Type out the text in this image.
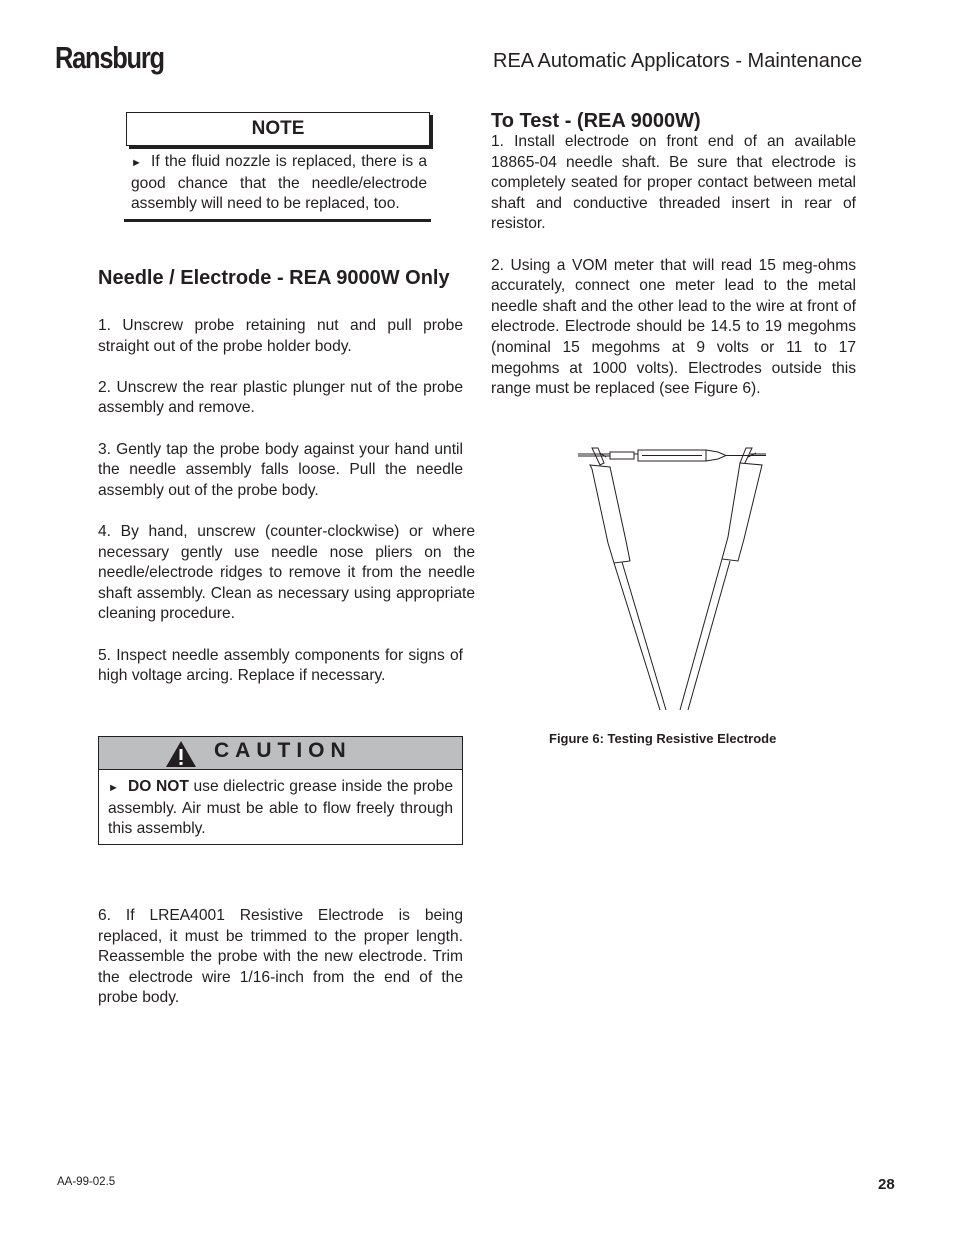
Ransburg	REA Automatic Applicators - Maintenance
NOTE
► If the fluid nozzle is replaced, there is a good chance that the needle/electrode assembly will need to be replaced, too.
Needle / Electrode - REA 9000W Only

1. Unscrew probe retaining nut and pull probe straight out of the probe holder body.

2. Unscrew the rear plastic plunger nut of the probe assembly and remove.

3. Gently tap the probe body against your hand until the needle assembly falls loose. Pull the needle assembly out of the probe body.

4. By hand, unscrew (counter-clockwise) or where necessary gently use needle nose pliers on the needle/electrode ridges to remove it from the needle shaft assembly. Clean as necessary using appropriate cleaning procedure.

5. Inspect needle assembly components for signs of high voltage arcing. Replace if necessary.

CAUTION
► DO NOT use dielectric grease inside the probe assembly. Air must be able to flow freely through this assembly.
6. If LREA4001 Resistive Electrode is being replaced, it must be trimmed to the proper length. Reassemble the probe with the new electrode. Trim the electrode wire 1/16-inch from the end of the probe body.
To Test - (REA 9000W)

1. Install electrode on front end of an available 18865-04 needle shaft. Be sure that electrode is completely seated for proper contact between metal shaft and conductive threaded insert in rear of resistor.

2. Using a VOM meter that will read 15 meg-ohms accurately, connect one meter lead to the metal needle shaft and the other lead to the wire at front of electrode. Electrode should be 14.5 to 19 megohms (nominal 15 megohms at 9 volts or 11 to 17 megohms at 1000 volts). Electrodes outside this range must be replaced (see Figure 6).

Figure 6: Testing Resistive Electrode
AA-99-02.5	28
